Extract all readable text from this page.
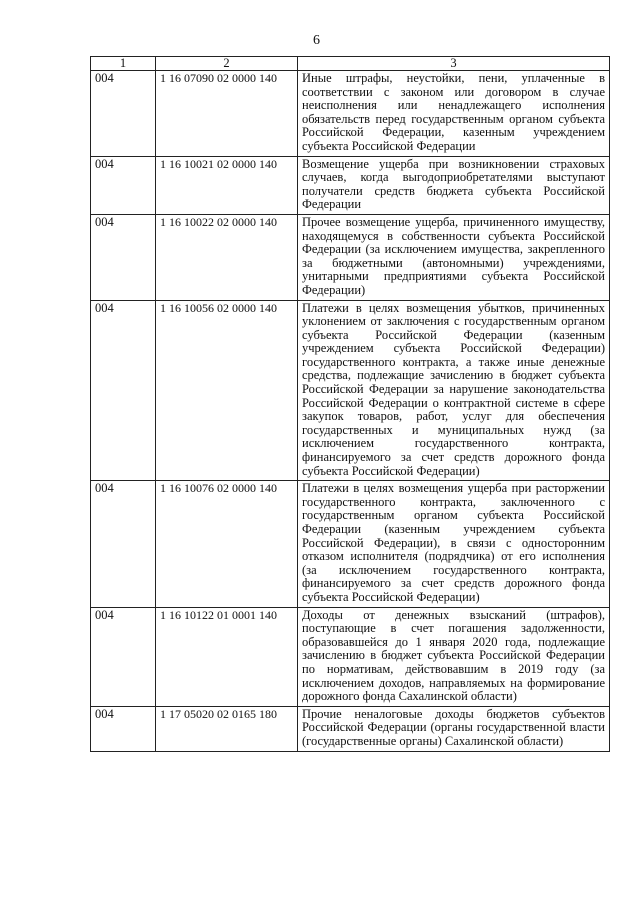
6
1	2	3
004	1 16 07090 02 0000 140	Иные штрафы, неустойки, пени, уплаченные в соответствии с законом или договором в случае неисполнения или ненадлежащего исполнения обязательств перед государственным органом субъекта Российской Федерации, казенным учреждением субъекта Российской Федерации
004	1 16 10021 02 0000 140	Возмещение ущерба при возникновении страховых случаев, когда выгодоприобретателями выступают получатели средств бюджета субъекта Российской Федерации
004	1 16 10022 02 0000 140	Прочее возмещение ущерба, причиненного имуществу, находящемуся в собственности субъекта Российской Федерации (за исключением имущества, закрепленного за бюджетными (автономными) учреждениями, унитарными предприятиями субъекта Российской Федерации)
004	1 16 10056 02 0000 140	Платежи в целях возмещения убытков, причиненных уклонением от заключения с государственным органом субъекта Российской Федерации (казенным учреждением субъекта Российской Федерации) государственного контракта, а также иные денежные средства, подлежащие зачислению в бюджет субъекта Российской Федерации за нарушение законодательства Российской Федерации о контрактной системе в сфере закупок товаров, работ, услуг для обеспечения государственных и муниципальных нужд (за исключением государственного контракта, финансируемого за счет средств дорожного фонда субъекта Российской Федерации)
004	1 16 10076 02 0000 140	Платежи в целях возмещения ущерба при расторжении государственного контракта, заключенного с государственным органом субъекта Российской Федерации (казенным учреждением субъекта Российской Федерации), в связи с односторонним отказом исполнителя (подрядчика) от его исполнения (за исключением государственного контракта, финансируемого за счет средств дорожного фонда субъекта Российской Федерации)
004	1 16 10122 01 0001 140	Доходы от денежных взысканий (штрафов), поступающие в счет погашения задолженности, образовавшейся до 1 января 2020 года, подлежащие зачислению в бюджет субъекта Российской Федерации по нормативам, действовавшим в 2019 году (за исключением доходов, направляемых на формирование дорожного фонда Сахалинской области)
004	1 17 05020 02 0165 180	Прочие неналоговые доходы бюджетов субъектов Российской Федерации (органы государственной власти (государственные органы) Сахалинской области)
